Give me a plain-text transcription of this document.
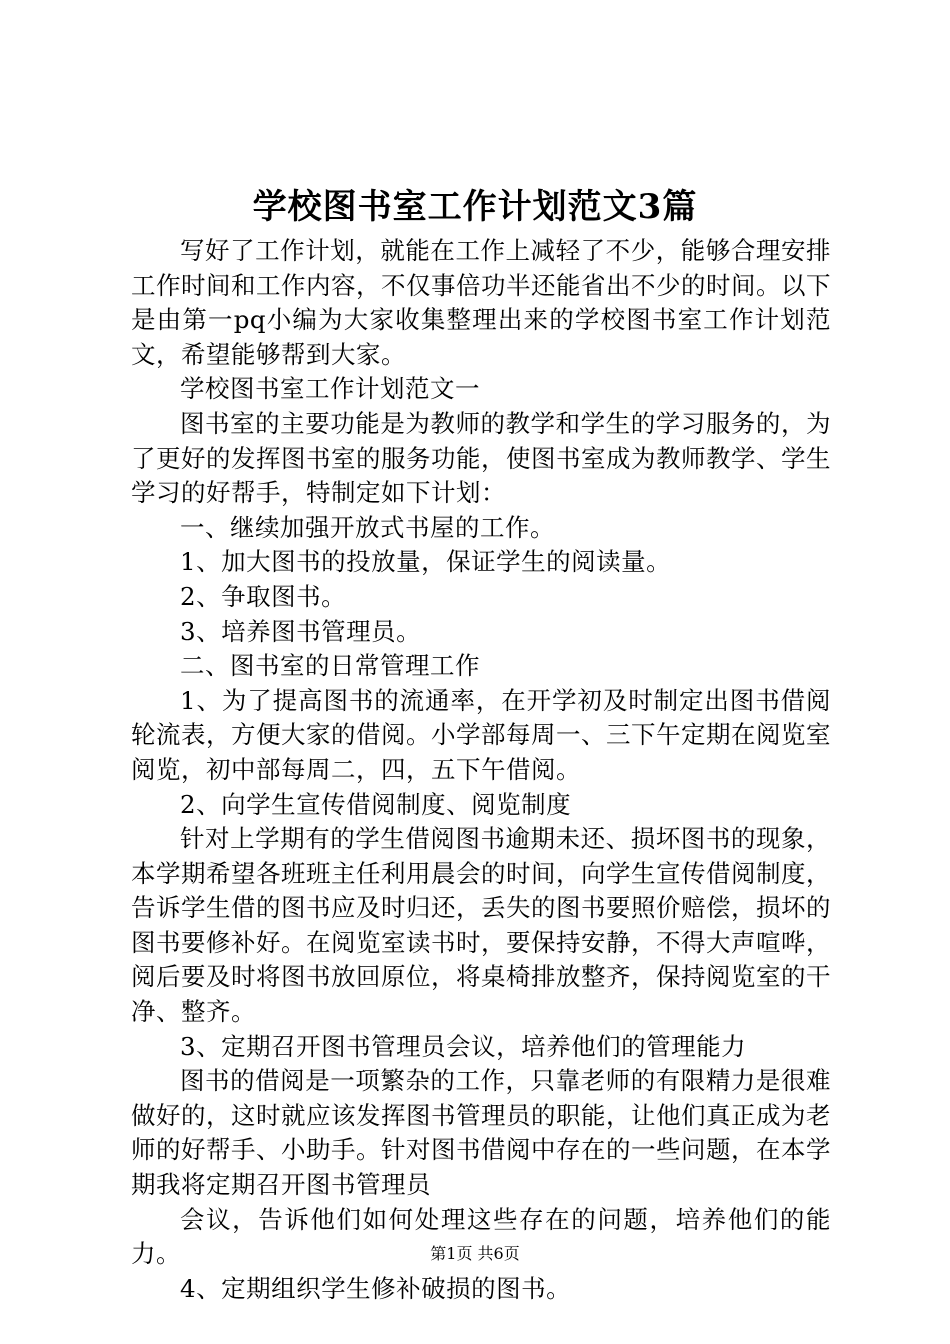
学校图书室工作计划范文3篇

写好了工作计划，就能在工作上减轻了不少，能够合理安排工作时间和工作内容，不仅事倍功半还能省出不少的时间。以下是由第一pq小编为大家收集整理出来的学校图书室工作计划范文，希望能够帮到大家。

学校图书室工作计划范文一

图书室的主要功能是为教师的教学和学生的学习服务的，为了更好的发挥图书室的服务功能，使图书室成为教师教学、学生学习的好帮手，特制定如下计划：

一、继续加强开放式书屋的工作。

1、加大图书的投放量，保证学生的阅读量。

2、争取图书。

3、培养图书管理员。

二、图书室的日常管理工作

1、为了提高图书的流通率，在开学初及时制定出图书借阅轮流表，方便大家的借阅。小学部每周一、三下午定期在阅览室阅览，初中部每周二，四，五下午借阅。

2、向学生宣传借阅制度、阅览制度

针对上学期有的学生借阅图书逾期未还、损坏图书的现象，本学期希望各班班主任利用晨会的时间，向学生宣传借阅制度，告诉学生借的图书应及时归还，丢失的图书要照价赔偿，损坏的图书要修补好。在阅览室读书时，要保持安静，不得大声喧哗，阅后要及时将图书放回原位，将桌椅排放整齐，保持阅览室的干净、整齐。

3、定期召开图书管理员会议，培养他们的管理能力

图书的借阅是一项繁杂的工作，只靠老师的有限精力是很难做好的，这时就应该发挥图书管理员的职能，让他们真正成为老师的好帮手、小助手。针对图书借阅中存在的一些问题，在本学期我将定期召开图书管理员

会议，告诉他们如何处理这些存在的问题，培养他们的能力。

4、定期组织学生修补破损的图书。

第1页 共6页
